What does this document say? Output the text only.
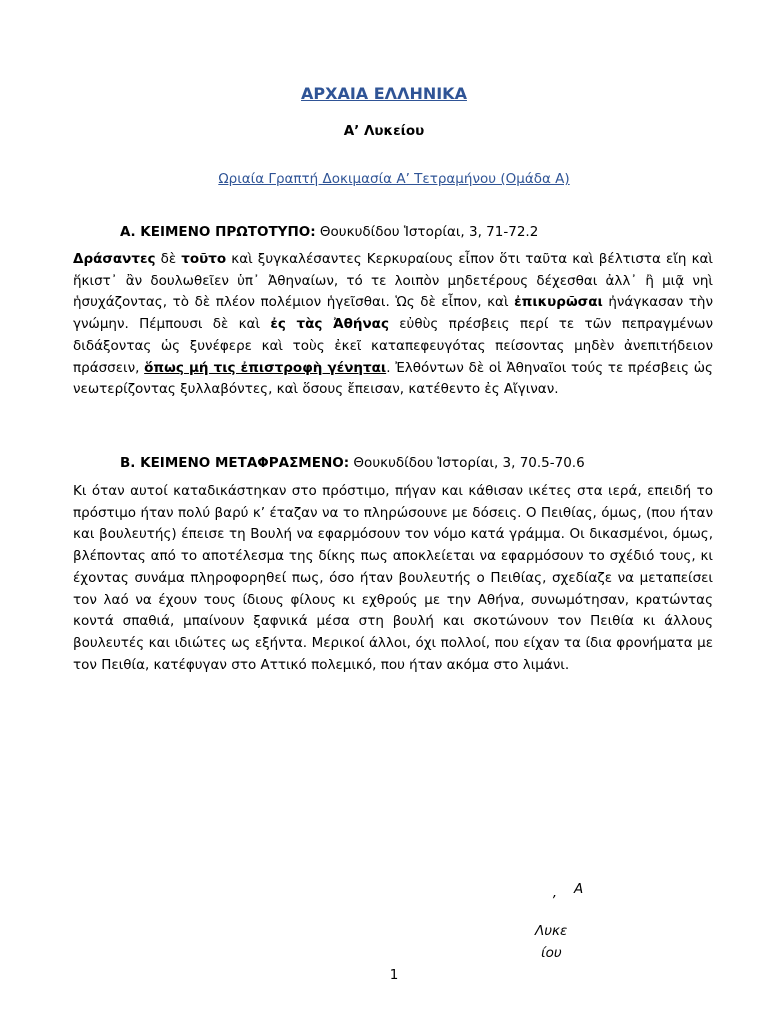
ΑΡΧΑΙΑ ΕΛΛΗΝΙΚΑ
Α’ Λυκείου
Ωριαία Γραπτή Δοκιμασία Α’ Τετραμήνου (Ομάδα Α)
Α. ΚΕΙΜΕΝΟ ΠΡΩΤΟΤΥΠΟ: Θουκυδίδου Ἱστορίαι, 3, 71-72.2
Δράσαντες δὲ τοῦτο καὶ ξυγκαλέσαντες Κερκυραίους εἶπον ὅτι ταῦτα καὶ βέλτιστα εἴη καὶ ἥκιστ᾽ ἂν δουλωθεῖεν ὑπ᾽ Ἀθηναίων, τό τε λοιπὸν μηδετέρους δέχεσθαι ἀλλ᾽ ἢ μιᾷ νηὶ ἡσυχάζοντας, τὸ δὲ πλέον πολέμιον ἡγεῖσθαι. Ὡς δὲ εἶπον, καὶ ἐπικυρῶσαι ἠνάγκασαν τὴν γνώμην. Πέμπουσι δὲ καὶ ἐς τὰς Ἀθήνας εὐθὺς πρέσβεις περί τε τῶν πεπραγμένων διδάξοντας ὡς ξυνέφερε καὶ τοὺς ἐκεῖ καταπεφευγότας πείσοντας μηδὲν ἀνεπιτήδειον πράσσειν, ὅπως μή τις ἐπιστροφὴ γένηται. Ἐλθόντων δὲ οἱ Ἀθηναῖοι τούς τε πρέσβεις ὡς νεωτερίζοντας ξυλλαβόντες, καὶ ὅσους ἔπεισαν, κατέθεντο ἐς Αἴγιναν.
Β. ΚΕΙΜΕΝΟ ΜΕΤΑΦΡΑΣΜΕΝΟ: Θουκυδίδου Ἱστορίαι, 3, 70.5-70.6
Κι όταν αυτοί καταδικάστηκαν στο πρόστιμο, πήγαν και κάθισαν ικέτες στα ιερά, επειδή το πρόστιμο ήταν πολύ βαρύ κ’ έταζαν να το πληρώσουνε με δόσεις. Ο Πειθίας, όμως, (που ήταν και βουλευτής) έπεισε τη Βουλή να εφαρμόσουν τον νόμο κατά γράμμα. Οι δικασμένοι, όμως, βλέποντας από το αποτέλεσμα της δίκης πως αποκλείεται να εφαρμόσουν το σχέδιό τους, κι έχοντας συνάμα πληροφορηθεί πως, όσο ήταν βουλευτής ο Πειθίας, σχεδίαζε να μεταπείσει τον λαό να έχουν τους ίδιους φίλους κι εχθρούς με την Αθήνα, συνωμότησαν, κρατώντας κοντά σπαθιά, μπαίνουν ξαφνικά μέσα στη βουλή και σκοτώνουν τον Πειθία κι άλλους βουλευτές και ιδιώτες ως εξήντα. Μερικοί άλλοι, όχι πολλοί, που είχαν τα ίδια φρονήματα με τον Πειθία, κατέφυγαν στο Αττικό πολεμικό, που ήταν ακόμα στο λιμάνι.
Α
’
Λυκε
ίου
1
